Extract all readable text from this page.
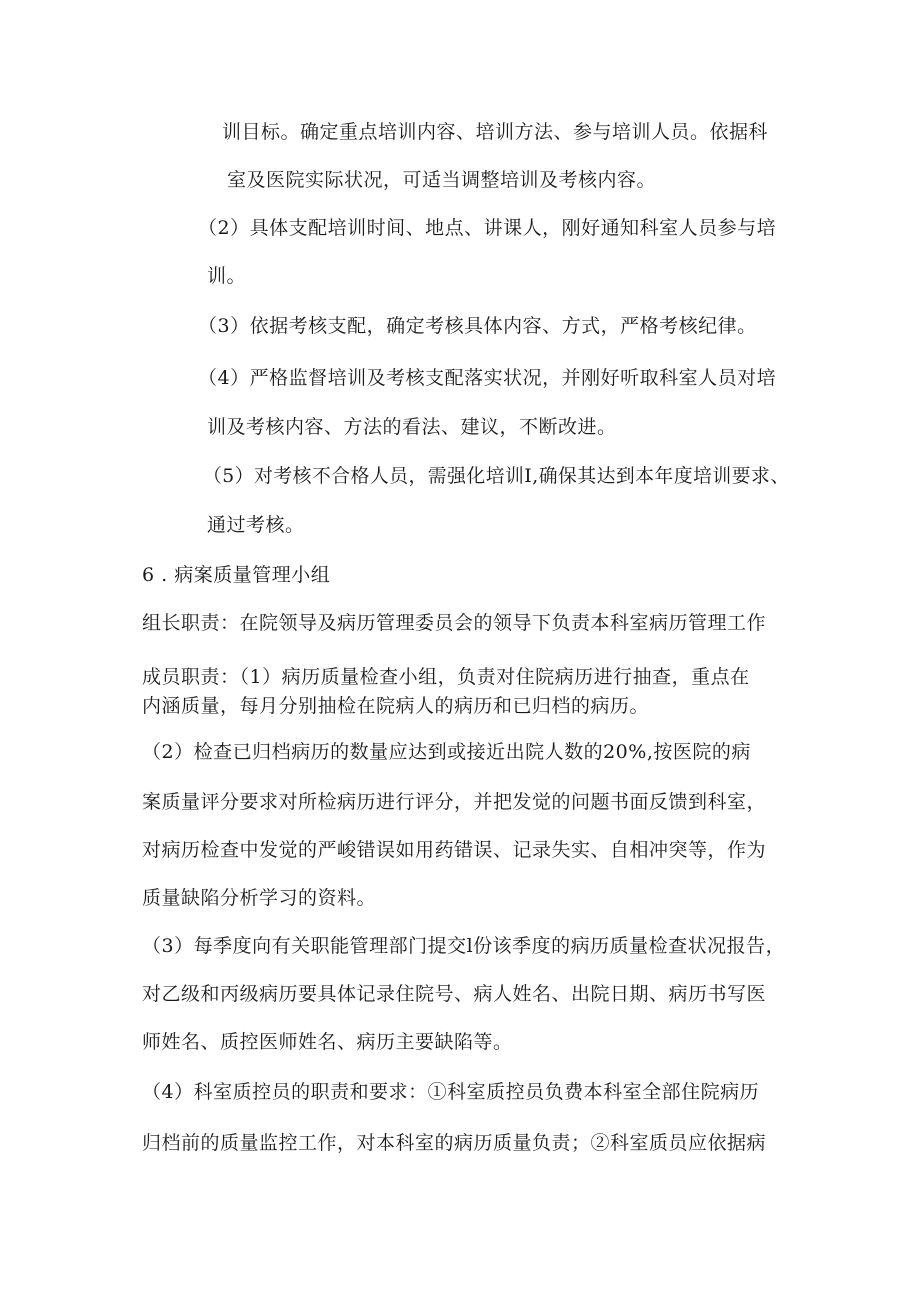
训目标。确定重点培训内容、培训方法、参与培训人员。依据科
室及医院实际状况，可适当调整培训及考核内容。
（2）具体支配培训时间、地点、讲课人，刚好通知科室人员参与培
训。
（3）依据考核支配，确定考核具体内容、方式，严格考核纪律。
（4）严格监督培训及考核支配落实状况，并刚好听取科室人员对培
训及考核内容、方法的看法、建议，不断改进。
（5）对考核不合格人员，需强化培训I,确保其达到本年度培训要求、
通过考核。
6 . 病案质量管理小组
组长职责：在院领导及病历管理委员会的领导下负责本科室病历管理工作
成员职责：（1）病历质量检查小组，负责对住院病历进行抽查，重点在
内涵质量，每月分别抽检在院病人的病历和已归档的病历。
（2）检查已归档病历的数量应达到或接近出院人数的20%,按医院的病
案质量评分要求对所检病历进行评分，并把发觉的问题书面反馈到科室，
对病历检查中发觉的严峻错误如用药错误、记录失实、自相冲突等，作为
质量缺陷分析学习的资料。
（3）每季度向有关职能管理部门提交l份该季度的病历质量检查状况报告，
对乙级和丙级病历要具体记录住院号、病人姓名、出院日期、病历书写医
师姓名、质控医师姓名、病历主要缺陷等。
（4）科室质控员的职责和要求：①科室质控员负费本科室全部住院病历
归档前的质量监控工作，对本科室的病历质量负责；②科室质员应依据病
